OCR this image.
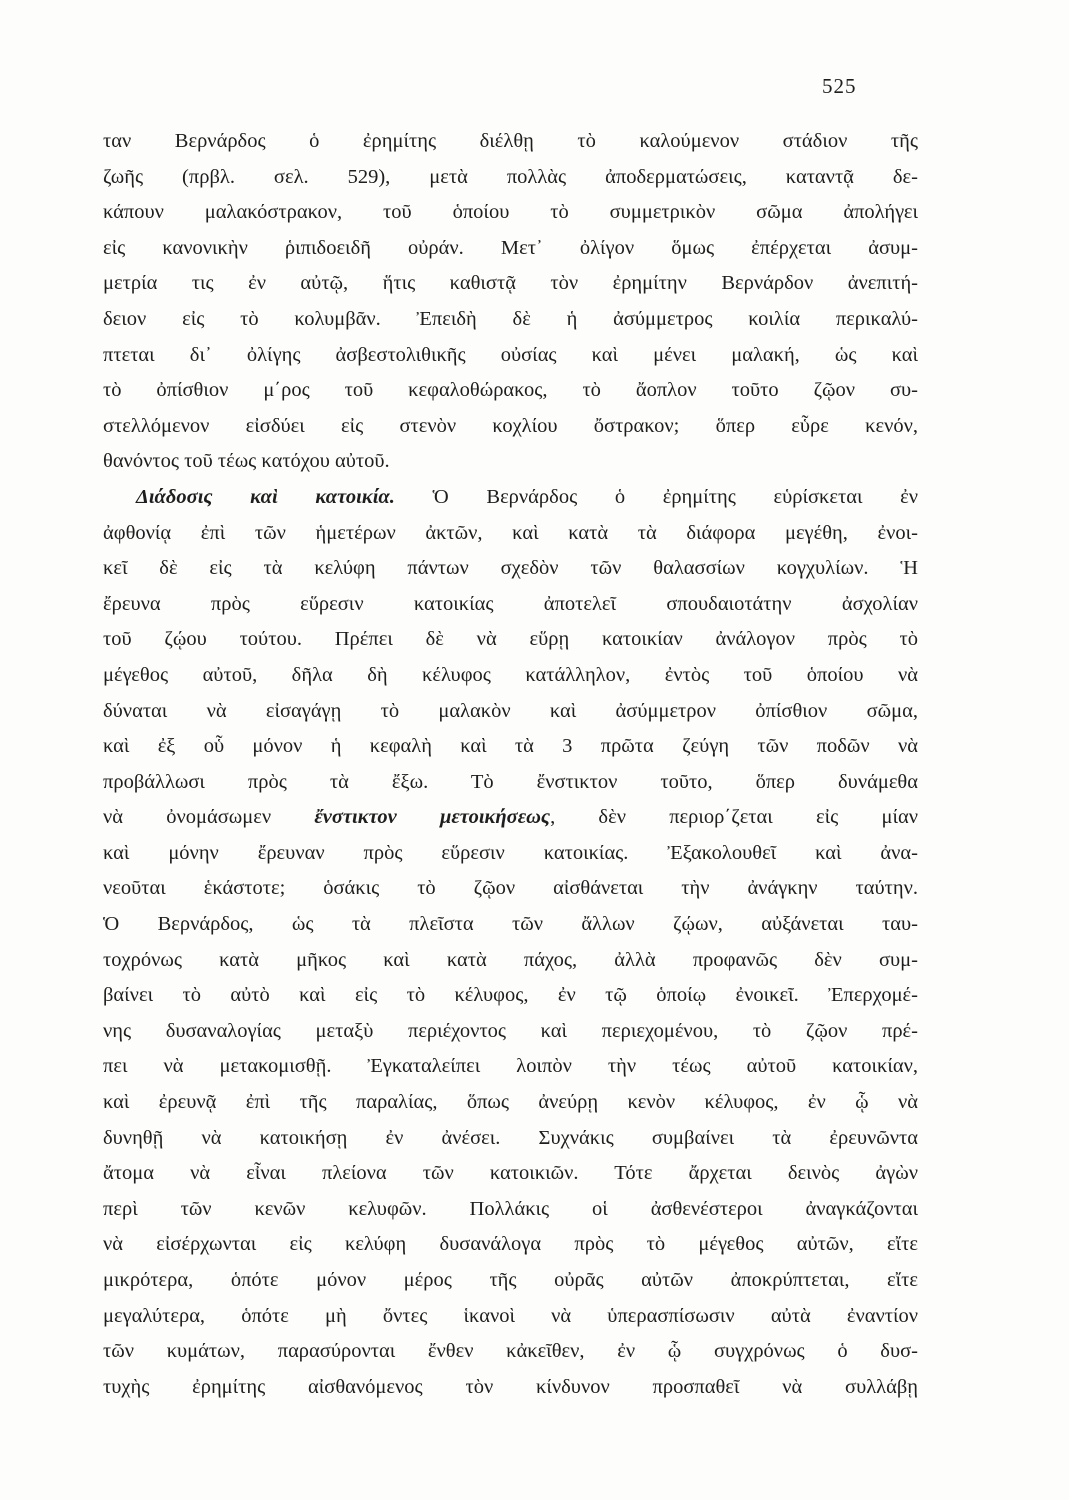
525
ταν Βερνάρδος ὁ ἐρημίτης διέλθῃ τὸ καλούμενον στάδιον τῆς
ζωῆς (πρβλ. σελ. 529), μετὰ πολλὰς ἀποδερματώσεις, καταντᾷ δε-
κάπουν μαλακόστρακον, τοῦ ὁποίου τὸ συμμετρικὸν σῶμα ἀπολήγει
εἰς κανονικὴν ῥιπιδοειδῆ οὐράν. Μετ᾽ ὀλίγον ὅμως ἐπέρχεται ἀσυμ-
μετρία τις ἐν αὐτῷ, ἥτις καθιστᾷ τὸν ἐρημίτην Βερνάρδον ἀνεπιτή-
δειον εἰς τὸ κολυμβᾶν. Ἐπειδὴ δὲ ἡ ἀσύμμετρος κοιλία περικαλύ-
πτεται δι᾽ ὀλίγης ἀσβεστολιθικῆς οὐσίας καὶ μένει μαλακή, ὡς καὶ
τὸ ὀπίσθιον μ΄ρος τοῦ κεφαλοθώρακος, τὸ ἄοπλον τοῦτο ζῷον συ-
στελλόμενον εἰσδύει εἰς στενὸν κοχλίου ὄστρακον; ὅπερ εὗρε κενόν,
θανόντος τοῦ τέως κατόχου αὐτοῦ.
Διάδοσις καὶ κατοικία. Ὁ Βερνάρδος ὁ ἐρημίτης εὑρίσκεται ἐν
ἀφθονίᾳ ἐπὶ τῶν ἡμετέρων ἀκτῶν, καὶ κατὰ τὰ διάφορα μεγέθη, ἐνοι-
κεῖ δὲ εἰς τὰ κελύφη πάντων σχεδὸν τῶν θαλασσίων κογχυλίων. Ἡ
ἔρευνα πρὸς εὕρεσιν κατοικίας ἀποτελεῖ σπουδαιοτάτην ἀσχολίαν
τοῦ ζῴου τούτου. Πρέπει δὲ νὰ εὕρῃ κατοικίαν ἀνάλογον πρὸς τὸ
μέγεθος αὐτοῦ, δῆλα δὴ κέλυφος κατάλληλον, ἐντὸς τοῦ ὁποίου νὰ
δύναται νὰ εἰσαγάγῃ τὸ μαλακὸν καὶ ἀσύμμετρον ὀπίσθιον σῶμα,
καὶ ἐξ οὗ μόνον ἡ κεφαλὴ καὶ τὰ 3 πρῶτα ζεύγη τῶν ποδῶν νὰ
προβάλλωσι πρὸς τὰ ἔξω. Τὸ ἔνστικτον τοῦτο, ὅπερ δυνάμεθα
νὰ ὀνομάσωμεν ἔνστικτον μετοικήσεως, δὲν περιορ΄ζεται εἰς μίαν
καὶ μόνην ἔρευναν πρὸς εὕρεσιν κατοικίας. Ἐξακολουθεῖ καὶ ἀνα-
νεοῦται ἑκάστοτε; ὁσάκις τὸ ζῷον αἰσθάνεται τὴν ἀνάγκην ταύτην.
Ὁ Βερνάρδος, ὡς τὰ πλεῖστα τῶν ἄλλων ζῴων, αὐξάνεται ταυ-
τοχρόνως κατὰ μῆκος καὶ κατὰ πάχος, ἀλλὰ προφανῶς δὲν συμ-
βαίνει τὸ αὐτὸ καὶ εἰς τὸ κέλυφος, ἐν τῷ ὁποίῳ ἐνοικεῖ. Ἐπερχομέ-
νης δυσαναλογίας μεταξὺ περιέχοντος καὶ περιεχομένου, τὸ ζῷον πρέ-
πει νὰ μετακομισθῇ. Ἐγκαταλείπει λοιπὸν τὴν τέως αὐτοῦ κατοικίαν,
καὶ ἐρευνᾷ ἐπὶ τῆς παραλίας, ὅπως ἀνεύρῃ κενὸν κέλυφος, ἐν ᾧ νὰ
δυνηθῇ νὰ κατοικήσῃ ἐν ἀνέσει. Συχνάκις συμβαίνει τὰ ἐρευνῶντα
ἄτομα νὰ εἶναι πλείονα τῶν κατοικιῶν. Τότε ἄρχεται δεινὸς ἀγὼν
περὶ τῶν κενῶν κελυφῶν. Πολλάκις οἱ ἀσθενέστεροι ἀναγκάζονται
νὰ εἰσέρχωνται εἰς κελύφη δυσανάλογα πρὸς τὸ μέγεθος αὐτῶν, εἴτε
μικρότερα, ὁπότε μόνον μέρος τῆς οὐρᾶς αὐτῶν ἀποκρύπτεται, εἴτε
μεγαλύτερα, ὁπότε μὴ ὄντες ἱκανοὶ νὰ ὑπερασπίσωσιν αὐτὰ ἐναντίον
τῶν κυμάτων, παρασύρονται ἔνθεν κἀκεῖθεν, ἐν ᾧ συγχρόνως ὁ δυσ-
τυχὴς ἐρημίτης αἰσθανόμενος τὸν κίνδυνον προσπαθεῖ νὰ συλλάβῃ
